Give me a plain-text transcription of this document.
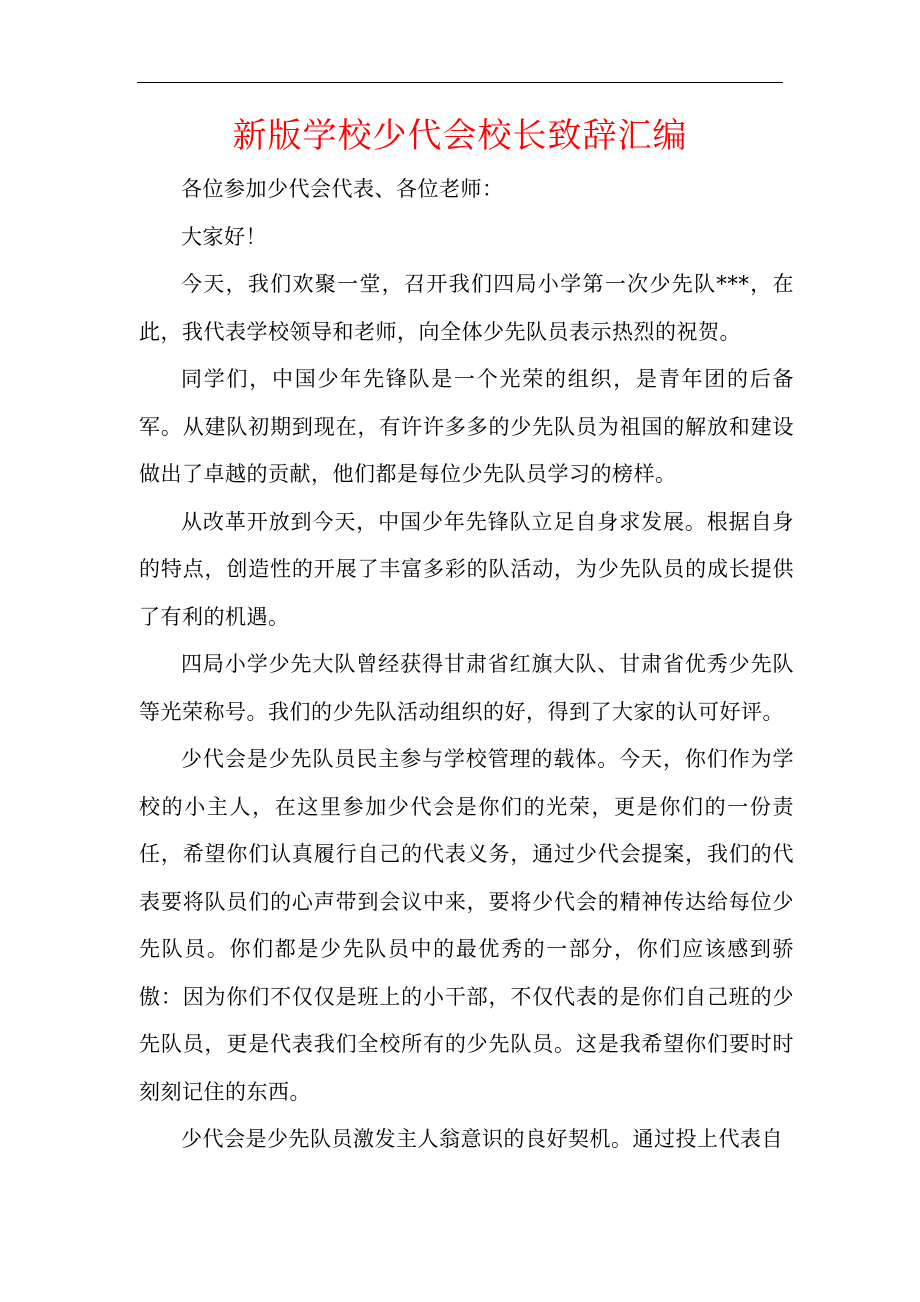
新版学校少代会校长致辞汇编

各位参加少代会代表、各位老师：

大家好！

今天，我们欢聚一堂，召开我们四局小学第一次少先队***，在此，我代表学校领导和老师，向全体少先队员表示热烈的祝贺。

同学们，中国少年先锋队是一个光荣的组织，是青年团的后备军。从建队初期到现在，有许许多多的少先队员为祖国的解放和建设做出了卓越的贡献，他们都是每位少先队员学习的榜样。

从改革开放到今天，中国少年先锋队立足自身求发展。根据自身的特点，创造性的开展了丰富多彩的队活动，为少先队员的成长提供了有利的机遇。

四局小学少先大队曾经获得甘肃省红旗大队、甘肃省优秀少先队等光荣称号。我们的少先队活动组织的好，得到了大家的认可好评。

少代会是少先队员民主参与学校管理的载体。今天，你们作为学校的小主人，在这里参加少代会是你们的光荣，更是你们的一份责任，希望你们认真履行自己的代表义务，通过少代会提案，我们的代表要将队员们的心声带到会议中来，要将少代会的精神传达给每位少先队员。你们都是少先队员中的最优秀的一部分，你们应该感到骄傲：因为你们不仅仅是班上的小干部，不仅代表的是你们自己班的少先队员，更是代表我们全校所有的少先队员。这是我希望你们要时时刻刻记住的东西。

少代会是少先队员激发主人翁意识的良好契机。通过投上代表自
